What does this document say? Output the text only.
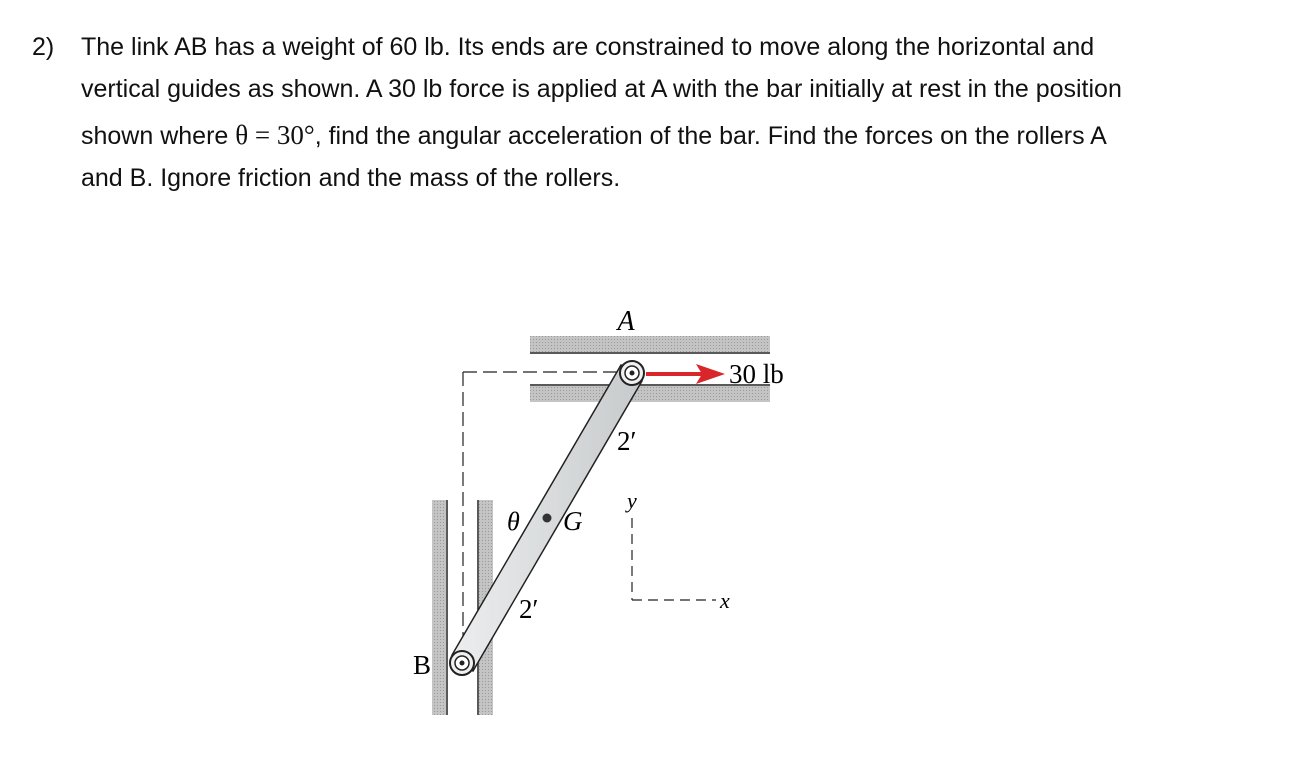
2) The link AB has a weight of 60 lb. Its ends are constrained to move along the horizontal and
vertical guides as shown. A 30 lb force is applied at A with the bar initially at rest in the position
shown where θ = 30°, find the angular acceleration of the bar. Find the forces on the rollers A
and B. Ignore friction and the mass of the rollers.
A
B
G
θ
30 lb
2′
2′
y
x
